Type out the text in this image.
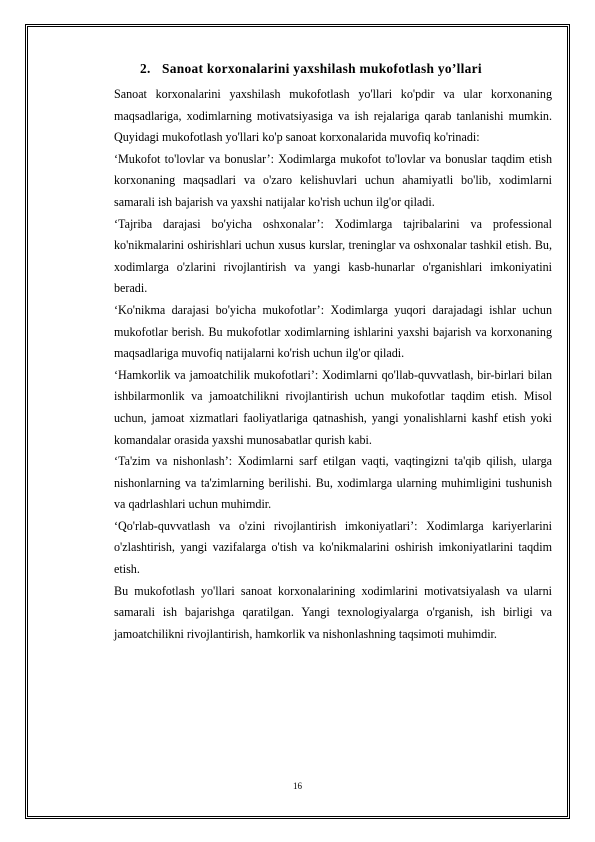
2. Sanoat korxonalarini yaxshilash mukofotlash yo’llari

Sanoat korxonalarini yaxshilash mukofotlash yo'llari ko'pdir va ular korxonaning maqsadlariga, xodimlarning motivatsiyasiga va ish rejalariga qarab tanlanishi mumkin. Quyidagi mukofotlash yo'llari ko'p sanoat korxonalarida muvofiq ko'rinadi:

‘Mukofot to'lovlar va bonuslar’: Xodimlarga mukofot to'lovlar va bonuslar taqdim etish korxonaning maqsadlari va o'zaro kelishuvlari uchun ahamiyatli bo'lib, xodimlarni samarali ish bajarish va yaxshi natijalar ko'rish uchun ilg'or qiladi.

‘Tajriba darajasi bo'yicha oshxonalar’: Xodimlarga tajribalarini va professional ko'nikmalarini oshirishlari uchun xusus kurslar, treninglar va oshxonalar tashkil etish. Bu, xodimlarga o'zlarini rivojlantirish va yangi kasb-hunarlar o'rganishlari imkoniyatini beradi.

‘Ko'nikma darajasi bo'yicha mukofotlar’: Xodimlarga yuqori darajadagi ishlar uchun mukofotlar berish. Bu mukofotlar xodimlarning ishlarini yaxshi bajarish va korxonaning maqsadlariga muvofiq natijalarni ko'rish uchun ilg'or qiladi.

‘Hamkorlik va jamoatchilik mukofotlari’: Xodimlarni qo'llab-quvvatlash, bir-birlari bilan ishbilarmonlik va jamoatchilikni rivojlantirish uchun mukofotlar taqdim etish. Misol uchun, jamoat xizmatlari faoliyatlariga qatnashish, yangi yonalishlarni kashf etish yoki komandalar orasida yaxshi munosabatlar qurish kabi.

‘Ta'zim va nishonlash’: Xodimlarni sarf etilgan vaqti, vaqtingizni ta'qib qilish, ularga nishonlarning va ta'zimlarning berilishi. Bu, xodimlarga ularning muhimligini tushunish va qadrlashlari uchun muhimdir.

‘Qo'rlab-quvvatlash va o'zini rivojlantirish imkoniyatlari’: Xodimlarga kariyerlarini o'zlashtirish, yangi vazifalarga o'tish va ko'nikmalarini oshirish imkoniyatlarini taqdim etish.

Bu mukofotlash yo'llari sanoat korxonalarining xodimlarini motivatsiyalash va ularni samarali ish bajarishga qaratilgan. Yangi texnologiyalarga o'rganish, ish birligi va jamoatchilikni rivojlantirish, hamkorlik va nishonlashning taqsimoti muhimdir.

16
